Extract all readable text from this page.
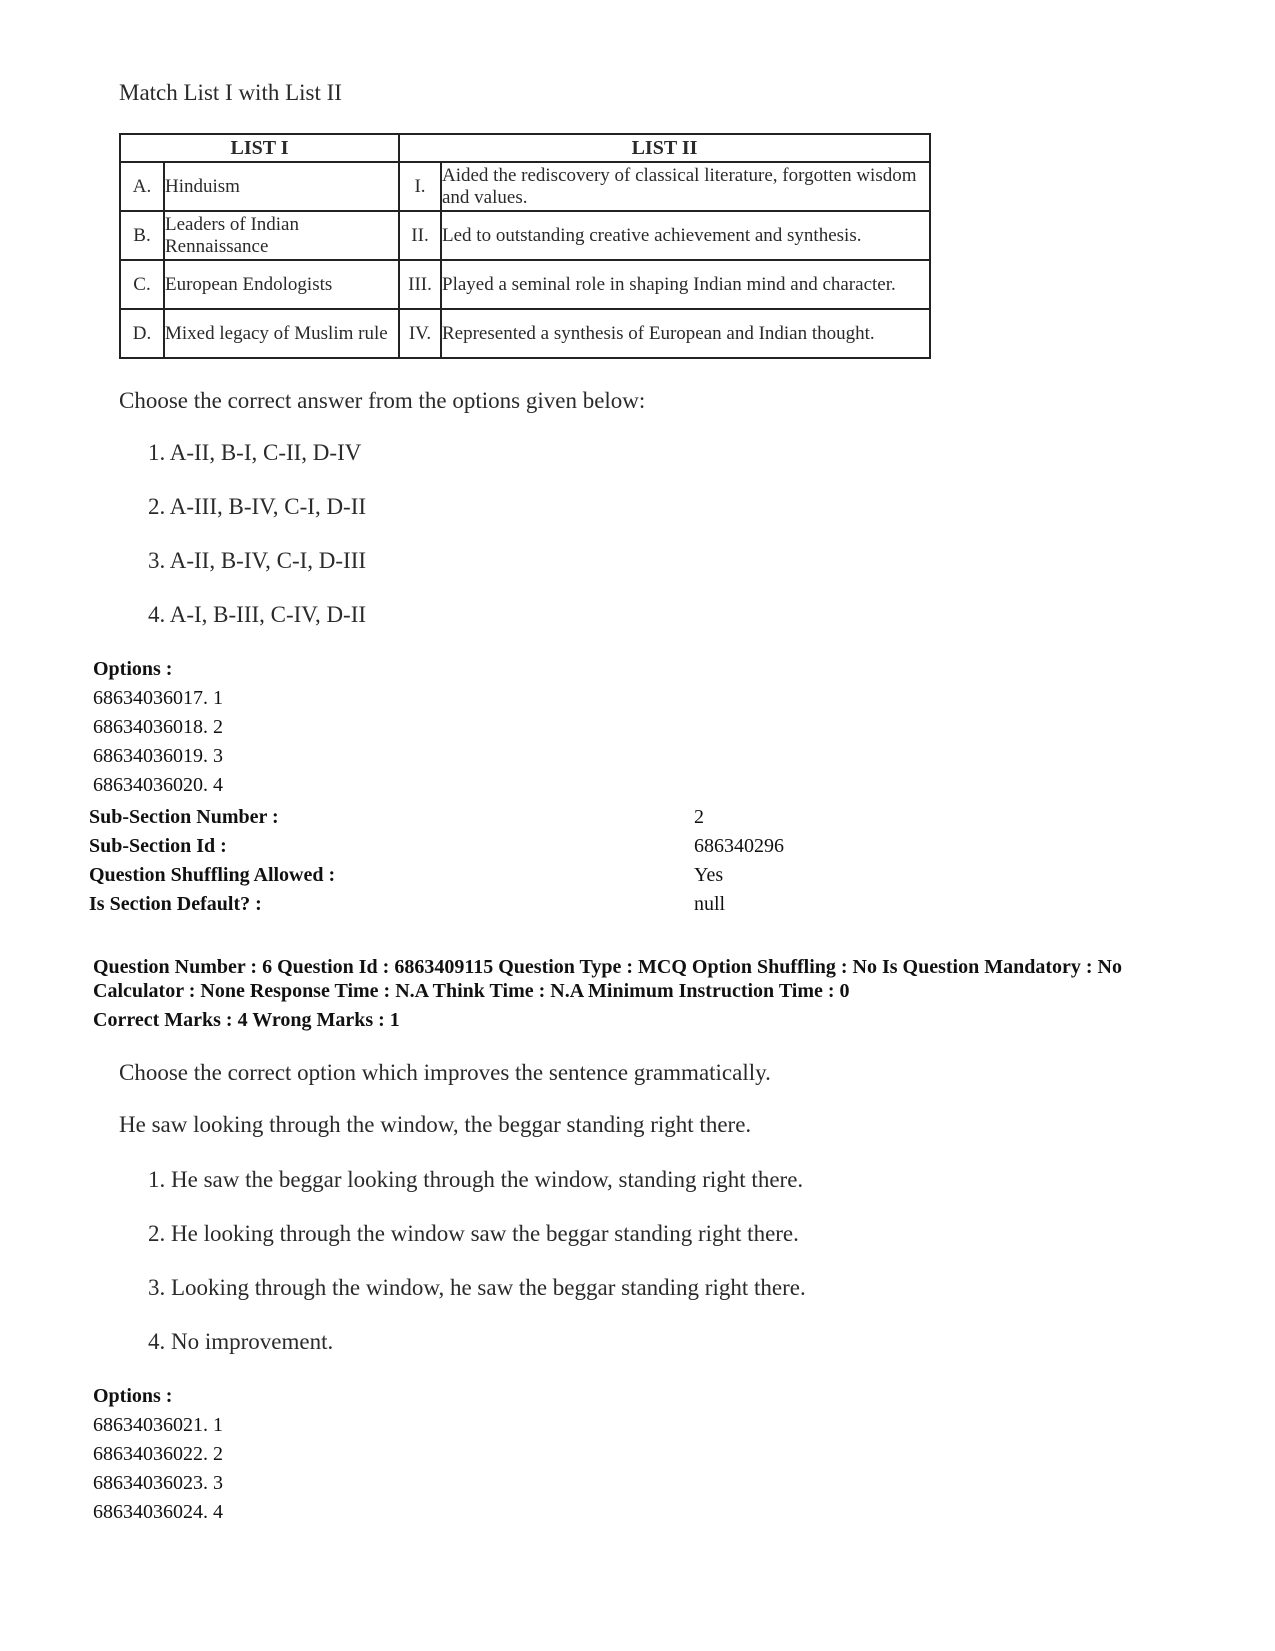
Match List I with List II
LIST I		LIST II	
A.	Hinduism	I.	Aided the rediscovery of classical literature, forgotten wisdom and values.
B.	Leaders of Indian Rennaissance	II.	Led to outstanding creative achievement and synthesis.
C.	European Endologists	III.	Played a seminal role in shaping Indian mind and character.
D.	Mixed legacy of Muslim rule	IV.	Represented a synthesis of European and Indian thought.
Choose the correct answer from the options given below:
1. A-II, B-I, C-II, D-IV
2. A-III, B-IV, C-I, D-II
3. A-II, B-IV, C-I, D-III
4. A-I, B-III, C-IV, D-II
Options :
68634036017. 1
68634036018. 2
68634036019. 3
68634036020. 4
Sub-Section Number :	2
Sub-Section Id :	686340296
Question Shuffling Allowed :	Yes
Is Section Default? :	null
Question Number : 6 Question Id : 6863409115 Question Type : MCQ Option Shuffling : No Is Question Mandatory : No
Calculator : None Response Time : N.A Think Time : N.A Minimum Instruction Time : 0
Correct Marks : 4 Wrong Marks : 1
Choose the correct option which improves the sentence grammatically.
He saw looking through the window, the beggar standing right there.
1. He saw the beggar looking through the window, standing right there.
2. He looking through the window saw the beggar standing right there.
3. Looking through the window, he saw the beggar standing right there.
4. No improvement.
Options :
68634036021. 1
68634036022. 2
68634036023. 3
68634036024. 4
